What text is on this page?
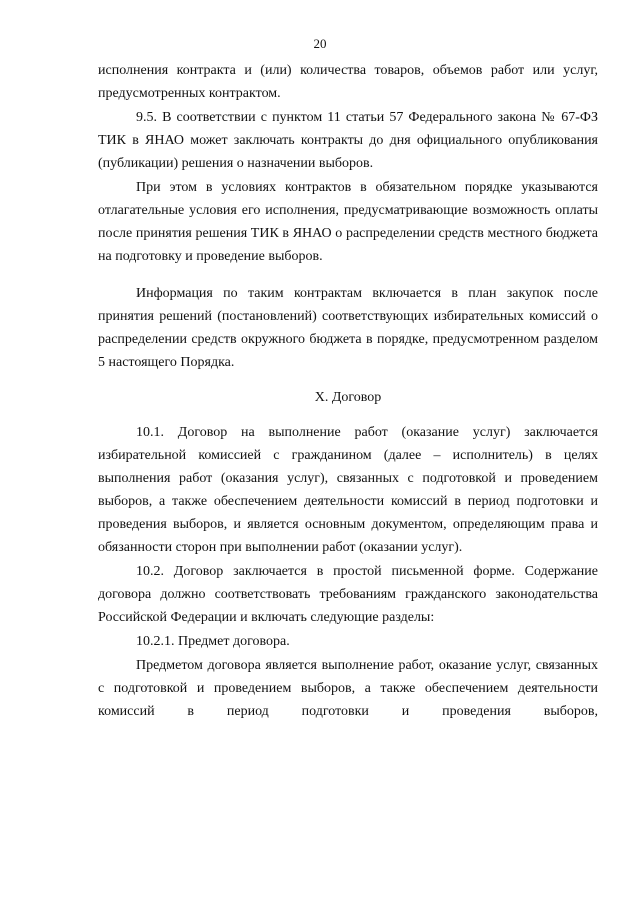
20

исполнения контракта и (или) количества товаров, объемов работ или услуг, предусмотренных контрактом.

9.5. В соответствии с пунктом 11 статьи 57 Федерального закона № 67-ФЗ ТИК в ЯНАО может заключать контракты до дня официального опубликования (публикации) решения о назначении выборов.

При этом в условиях контрактов в обязательном порядке указываются отлагательные условия его исполнения, предусматривающие возможность оплаты после принятия решения ТИК в ЯНАО о распределении средств местного бюджета на подготовку и проведение выборов.

Информация по таким контрактам включается в план закупок после принятия решений (постановлений) соответствующих избирательных комиссий о распределении средств окружного бюджета в порядке, предусмотренном разделом 5 настоящего Порядка.

Х. Договор

10.1. Договор на выполнение работ (оказание услуг) заключается избирательной комиссией с гражданином (далее – исполнитель) в целях выполнения работ (оказания услуг), связанных с подготовкой и проведением выборов, а также обеспечением деятельности комиссий в период подготовки и проведения выборов, и является основным документом, определяющим права и обязанности сторон при выполнении работ (оказании услуг).

10.2. Договор заключается в простой письменной форме. Содержание договора должно соответствовать требованиям гражданского законодательства Российской Федерации и включать следующие разделы:

10.2.1. Предмет договора.

Предметом договора является выполнение работ, оказание услуг, связанных с подготовкой и проведением выборов, а также обеспечением деятельности комиссий в период подготовки и проведения выборов,
